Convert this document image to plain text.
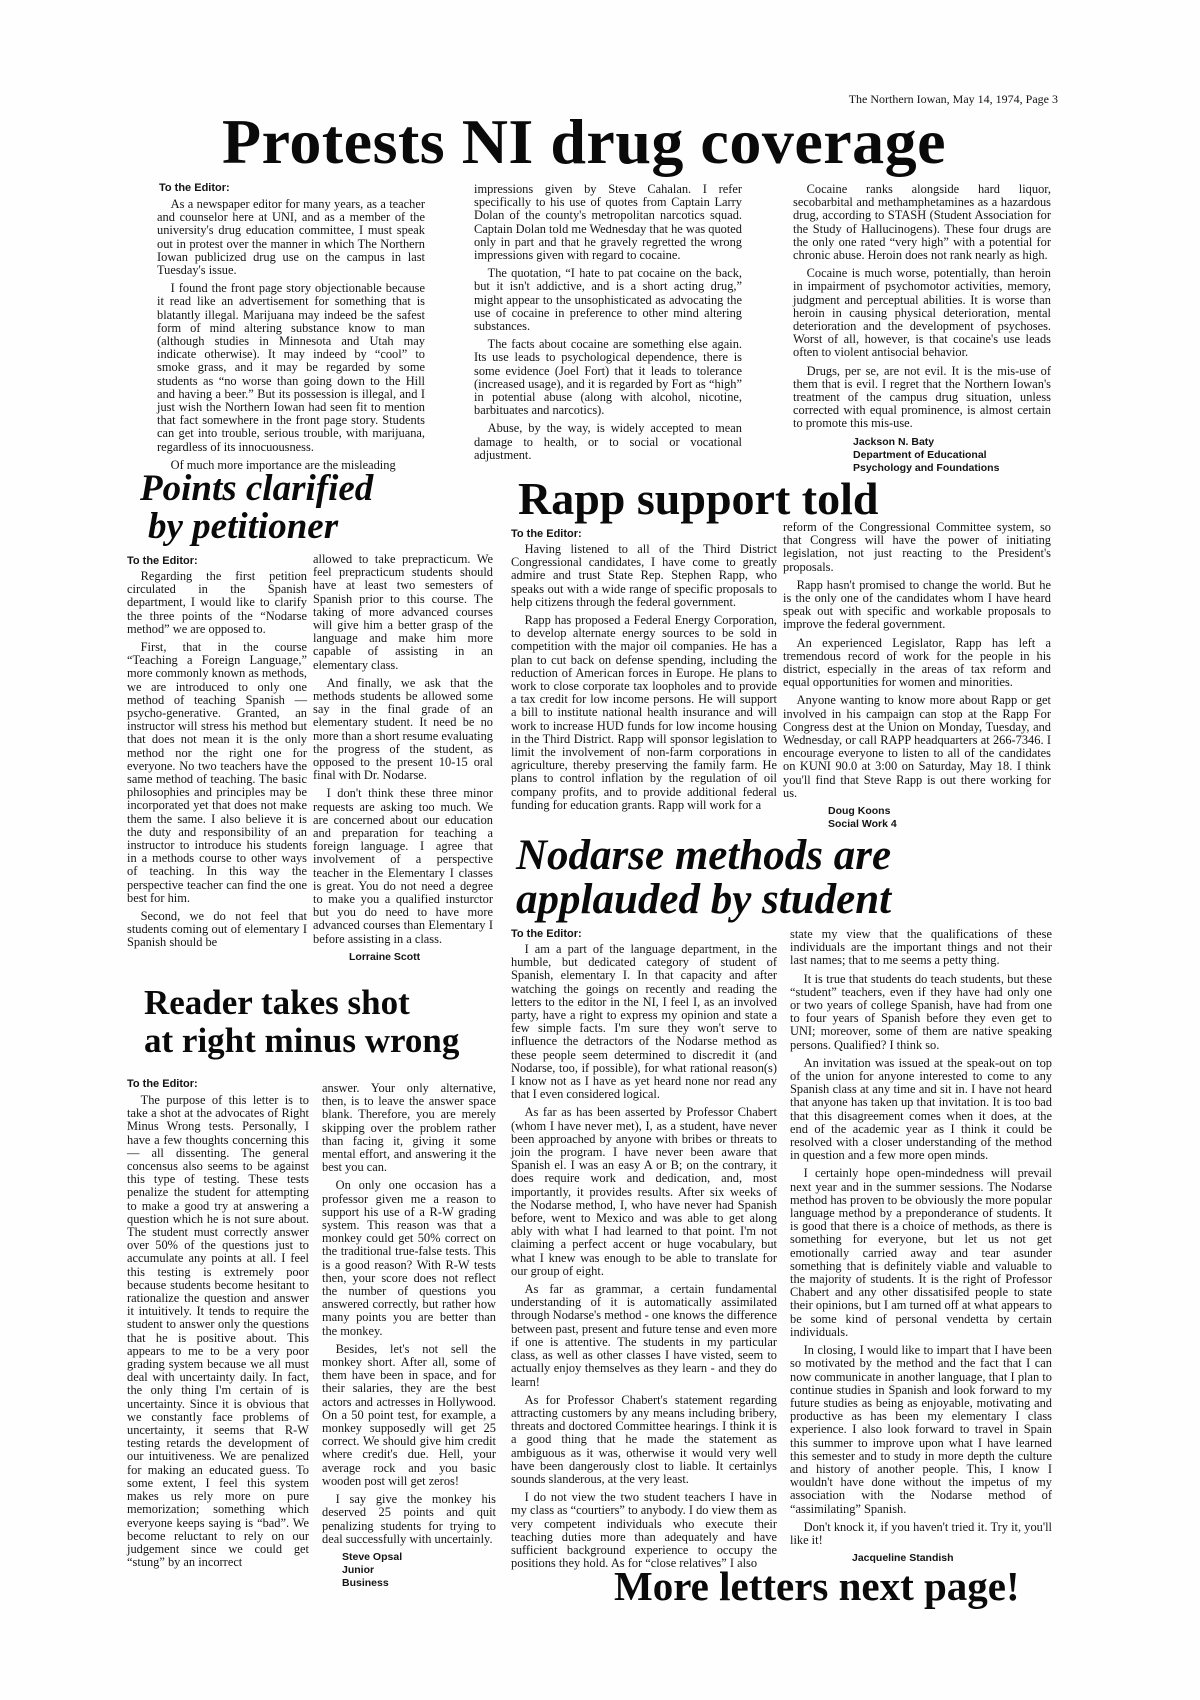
The Northern Iowan, May 14, 1974, Page 3
Protests NI drug coverage
To the Editor:

As a newspaper editor for many years, as a teacher and counselor here at UNI, and as a member of the university's drug education committee, I must speak out in protest over the manner in which The Northern Iowan publicized drug use on the campus in last Tuesday's issue.

I found the front page story objectionable because it read like an advertisement for something that is blatantly illegal. Marijuana may indeed be the safest form of mind altering substance know to man (although studies in Minnesota and Utah may indicate otherwise). It may indeed by “cool” to smoke grass, and it may be regarded by some students as “no worse than going down to the Hill and having a beer.” But its possession is illegal, and I just wish the Northern Iowan had seen fit to mention that fact somewhere in the front page story. Students can get into trouble, serious trouble, with marijuana, regardless of its innocuousness.

Of much more importance are the misleading

impressions given by Steve Cahalan. I refer specifically to his use of quotes from Captain Larry Dolan of the county's metropolitan narcotics squad. Captain Dolan told me Wednesday that he was quoted only in part and that he gravely regretted the wrong impressions given with regard to cocaine.

The quotation, “I hate to pat cocaine on the back, but it isn't addictive, and is a short acting drug,” might appear to the unsophisticated as advocating the use of cocaine in preference to other mind altering substances.

The facts about cocaine are something else again. Its use leads to psychological dependence, there is some evidence (Joel Fort) that it leads to tolerance (increased usage), and it is regarded by Fort as “high” in potential abuse (along with alcohol, nicotine, barbituates and narcotics).

Abuse, by the way, is widely accepted to mean damage to health, or to social or vocational adjustment.

Cocaine ranks alongside hard liquor, secobarbital and methamphetamines as a hazardous drug, according to STASH (Student Association for the Study of Hallucinogens). These four drugs are the only one rated “very high” with a potential for chronic abuse. Heroin does not rank nearly as high.

Cocaine is much worse, potentially, than heroin in impairment of psychomotor activities, memory, judgment and perceptual abilities. It is worse than heroin in causing physical deterioration, mental deterioration and the development of psychoses. Worst of all, however, is that cocaine's use leads often to violent antisocial behavior.

Drugs, per se, are not evil. It is the mis-use of them that is evil. I regret that the Northern Iowan's treatment of the campus drug situation, unless corrected with equal prominence, is almost certain to promote this mis-use.

Jackson N. Baty
Department of Educational
Psychology and Foundations
Points clarified
by petitioner
To the Editor:

Regarding the first petition circulated in the Spanish department, I would like to clarify the three points of the “Nodarse method” we are opposed to.

First, that in the course “Teaching a Foreign Language,” more commonly known as methods, we are introduced to only one method of teaching Spanish — psycho-generative. Granted, an instructor will stress his method but that does not mean it is the only method nor the right one for everyone. No two teachers have the same method of teaching. The basic philosophies and principles may be incorporated yet that does not make them the same. I also believe it is the duty and responsibility of an instructor to introduce his students in a methods course to other ways of teaching. In this way the perspective teacher can find the one best for him.

Second, we do not feel that students coming out of elementary I Spanish should be

allowed to take prepracticum. We feel prepracticum students should have at least two semesters of Spanish prior to this course. The taking of more advanced courses will give him a better grasp of the language and make him more capable of assisting in an elementary class.

And finally, we ask that the methods students be allowed some say in the final grade of an elementary student. It need be no more than a short resume evaluating the progress of the student, as opposed to the present 10-15 oral final with Dr. Nodarse.

I don't think these three minor requests are asking too much. We are concerned about our education and preparation for teaching a foreign language. I agree that involvement of a perspective teacher in the Elementary I classes is great. You do not need a degree to make you a qualified insturctor but you do need to have more advanced courses than Elementary I before assisting in a class.

Lorraine Scott
Rapp support told
To the Editor:

Having listened to all of the Third District Congressional candidates, I have come to greatly admire and trust State Rep. Stephen Rapp, who speaks out with a wide range of specific proposals to help citizens through the federal government.

Rapp has proposed a Federal Energy Corporation, to develop alternate energy sources to be sold in competition with the major oil companies. He has a plan to cut back on defense spending, including the reduction of American forces in Europe. He plans to work to close corporate tax loopholes and to provide a tax credit for low income persons. He will support a bill to institute national health insurance and will work to increase HUD funds for low income housing in the Third District. Rapp will sponsor legislation to limit the involvement of non-farm corporations in agriculture, thereby preserving the family farm. He plans to control inflation by the regulation of oil company profits, and to provide additional federal funding for education grants. Rapp will work for a

reform of the Congressional Committee system, so that Congress will have the power of initiating legislation, not just reacting to the President's proposals.

Rapp hasn't promised to change the world. But he is the only one of the candidates whom I have heard speak out with specific and workable proposals to improve the federal government.

An experienced Legislator, Rapp has left a tremendous record of work for the people in his district, especially in the areas of tax reform and equal opportunities for women and minorities.

Anyone wanting to know more about Rapp or get involved in his campaign can stop at the Rapp For Congress dest at the Union on Monday, Tuesday, and Wednesday, or call RAPP headquarters at 266-7346. I encourage everyone to listen to all of the candidates on KUNI 90.0 at 3:00 on Saturday, May 18. I think you'll find that Steve Rapp is out there working for us.

Doug Koons
Social Work 4
Nodarse methods are
applauded by student
To the Editor:

I am a part of the language department, in the humble, but dedicated category of student of Spanish, elementary I. In that capacity and after watching the goings on recently and reading the letters to the editor in the NI, I feel I, as an involved party, have a right to express my opinion and state a few simple facts. I'm sure they won't serve to influence the detractors of the Nodarse method as these people seem determined to discredit it (and Nodarse, too, if possible), for what rational reason(s) I know not as I have as yet heard none nor read any that I even considered logical.

As far as has been asserted by Professor Chabert (whom I have never met), I, as a student, have never been approached by anyone with bribes or threats to join the program. I have never been aware that Spanish el. I was an easy A or B; on the contrary, it does require work and dedication, and, most importantly, it provides results. After six weeks of the Nodarse method, I, who have never had Spanish before, went to Mexico and was able to get along ably with what I had learned to that point. I'm not claiming a perfect accent or huge vocabulary, but what I knew was enough to be able to translate for our group of eight.

As far as grammar, a certain fundamental understanding of it is automatically assimilated through Nodarse's method - one knows the difference between past, present and future tense and even more if one is attentive. The students in my particular class, as well as other classes I have visted, seem to actually enjoy themselves as they learn - and they do learn!

As for Professor Chabert's statement regarding attracting customers by any means including bribery, threats and doctored Committee hearings. I think it is a good thing that he made the statement as ambiguous as it was, otherwise it would very well have been dangerously clost to liable. It certainlys sounds slanderous, at the very least.

I do not view the two student teachers I have in my class as “courtiers” to anybody. I do view them as very competent individuals who execute their teaching duties more than adequately and have sufficient background experience to occupy the positions they hold. As for “close relatives” I also

state my view that the qualifications of these individuals are the important things and not their last names; that to me seems a petty thing.

It is true that students do teach students, but these “student” teachers, even if they have had only one or two years of college Spanish, have had from one to four years of Spanish before they even get to UNI; moreover, some of them are native speaking persons. Qualified? I think so.

An invitation was issued at the speak-out on top of the union for anyone interested to come to any Spanish class at any time and sit in. I have not heard that anyone has taken up that invitation. It is too bad that this disagreement comes when it does, at the end of the academic year as I think it could be resolved with a closer understanding of the method in question and a few more open minds.

I certainly hope open-mindedness will prevail next year and in the summer sessions. The Nodarse method has proven to be obviously the more popular language method by a preponderance of students. It is good that there is a choice of methods, as there is something for everyone, but let us not get emotionally carried away and tear asunder something that is definitely viable and valuable to the majority of students. It is the right of Professor Chabert and any other dissatisifed people to state their opinions, but I am turned off at what appears to be some kind of personal vendetta by certain individuals.

In closing, I would like to impart that I have been so motivated by the method and the fact that I can now communicate in another language, that I plan to continue studies in Spanish and look forward to my future studies as being as enjoyable, motivating and productive as has been my elementary I class experience. I also look forward to travel in Spain this summer to improve upon what I have learned this semester and to study in more depth the culture and history of another people. This, I know I wouldn't have done without the impetus of my association with the Nodarse method of “assimilating” Spanish.

Don't knock it, if you haven't tried it. Try it, you'll like it!

Jacqueline Standish
Reader takes shot
at right minus wrong
To the Editor:

The purpose of this letter is to take a shot at the advocates of Right Minus Wrong tests. Personally, I have a few thoughts concerning this — all dissenting. The general concensus also seems to be against this type of testing. These tests penalize the student for attempting to make a good try at answering a question which he is not sure about. The student must correctly answer over 50% of the questions just to accumulate any points at all. I feel this testing is extremely poor because students become hesitant to rationalize the question and answer it intuitively. It tends to require the student to answer only the questions that he is positive about. This appears to me to be a very poor grading system because we all must deal with uncertainty daily. In fact, the only thing I'm certain of is uncertainty. Since it is obvious that we constantly face problems of uncertainty, it seems that R-W testing retards the development of our intuitiveness. We are penalized for making an educated guess. To some extent, I feel this system makes us rely more on pure memorization; something which everyone keeps saying is “bad”. We become reluctant to rely on our judgement since we could get “stung” by an incorrect

answer. Your only alternative, then, is to leave the answer space blank. Therefore, you are merely skipping over the problem rather than facing it, giving it some mental effort, and answering it the best you can.

On only one occasion has a professor given me a reason to support his use of a R-W grading system. This reason was that a monkey could get 50% correct on the traditional true-false tests. This is a good reason? With R-W tests then, your score does not reflect the number of questions you answered correctly, but rather how many points you are better than the monkey.

Besides, let's not sell the monkey short. After all, some of them have been in space, and for their salaries, they are the best actors and actresses in Hollywood. On a 50 point test, for example, a monkey supposedly will get 25 correct. We should give him credit where credit's due. Hell, your average rock and you basic wooden post will get zeros!

I say give the monkey his deserved 25 points and quit penalizing students for trying to deal successfully with uncertainly.

Steve Opsal
Junior
Business	More letters next page!
